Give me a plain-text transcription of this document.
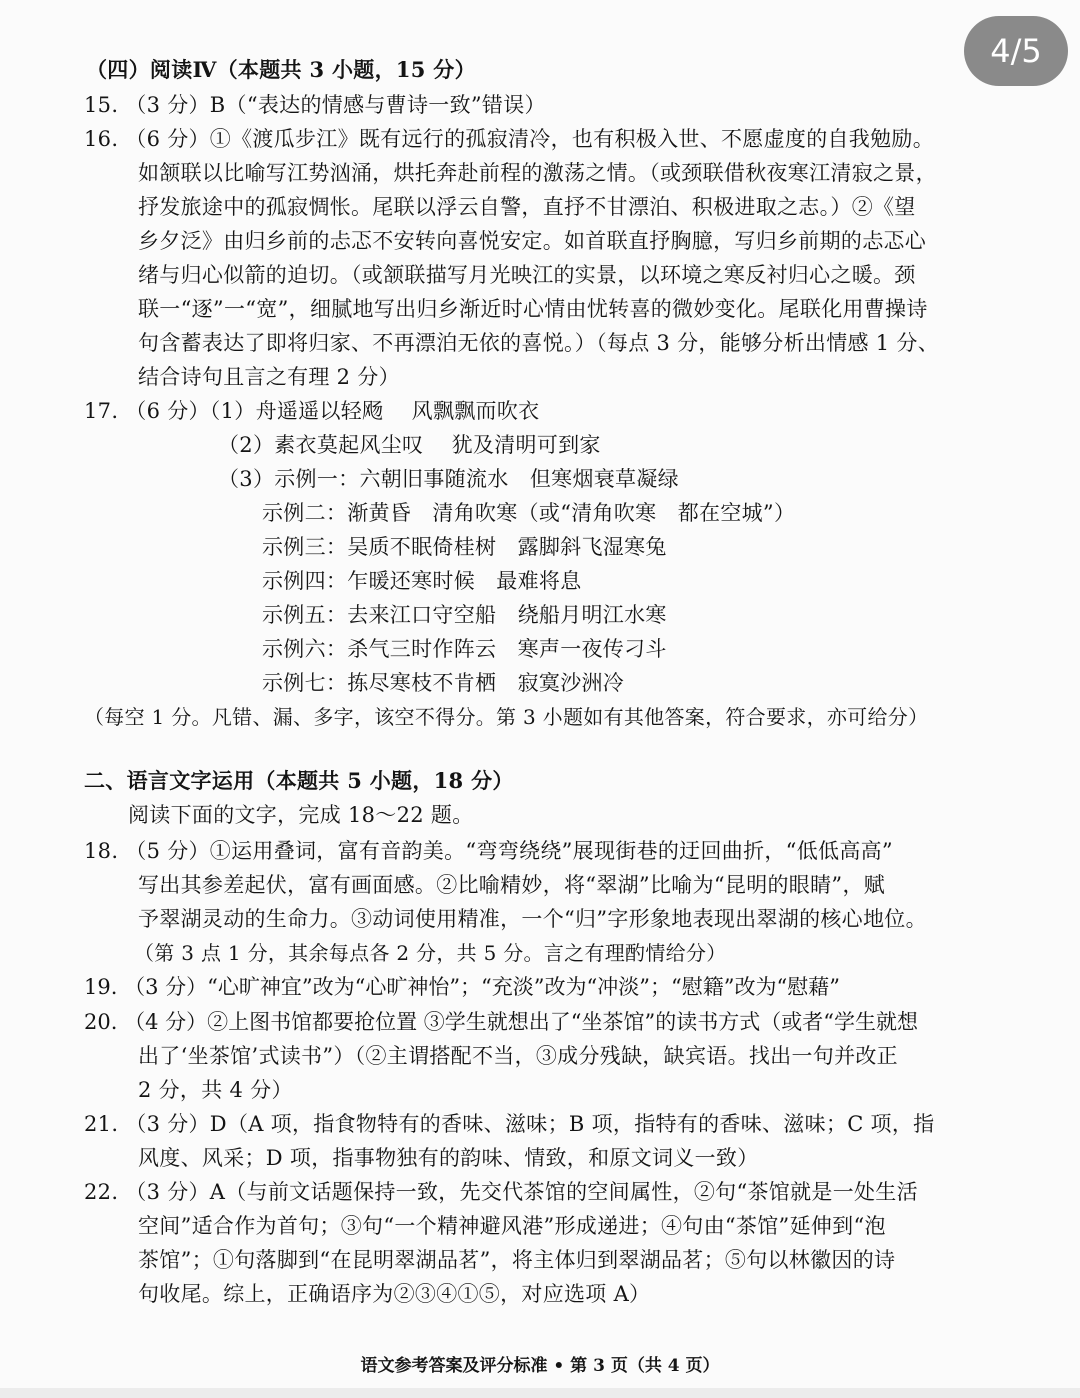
4/5
（四）阅读Ⅳ（本题共 3 小题，15 分）
15. （3 分）B（“表达的情感与曹诗一致”错误）
16. （6 分）①《渡瓜步江》既有远行的孤寂清冷，也有积极入世、不愿虚度的自我勉励。
如颔联以比喻写江势汹涌，烘托奔赴前程的激荡之情。（或颈联借秋夜寒江清寂之景，
抒发旅途中的孤寂惆怅。尾联以浮云自警，直抒不甘漂泊、积极进取之志。）②《望
乡夕泛》由归乡前的忐忑不安转向喜悦安定。如首联直抒胸臆，写归乡前期的忐忑心
绪与归心似箭的迫切。（或颔联描写月光映江的实景，以环境之寒反衬归心之暖。颈
联一“逐”一“宽”，细腻地写出归乡渐近时心情由忧转喜的微妙变化。尾联化用曹操诗
句含蓄表达了即将归家、不再漂泊无依的喜悦。）（每点 3 分，能够分析出情感 1 分、
结合诗句且言之有理 2 分）
17. （6 分）（1）舟遥遥以轻飏　 风飘飘而吹衣
（2）素衣莫起风尘叹　 犹及清明可到家
（3）示例一：六朝旧事随流水　但寒烟衰草凝绿
示例二：渐黄昏　清角吹寒（或“清角吹寒　都在空城”）
示例三：吴质不眠倚桂树　露脚斜飞湿寒兔
示例四：乍暖还寒时候　最难将息
示例五：去来江口守空船　绕船月明江水寒
示例六：杀气三时作阵云　寒声一夜传刁斗
示例七：拣尽寒枝不肯栖　寂寞沙洲冷
（每空 1 分。凡错、漏、多字，该空不得分。第 3 小题如有其他答案，符合要求，亦可给分）
二、语言文字运用（本题共 5 小题，18 分）
阅读下面的文字，完成 18～22 题。
18. （5 分）①运用叠词，富有音韵美。“弯弯绕绕”展现街巷的迂回曲折，“低低高高”
写出其参差起伏，富有画面感。②比喻精妙，将“翠湖”比喻为“昆明的眼睛”，赋
予翠湖灵动的生命力。③动词使用精准，一个“归”字形象地表现出翠湖的核心地位。
（第 3 点 1 分，其余每点各 2 分，共 5 分。言之有理酌情给分）
19. （3 分）“心旷神宜”改为“心旷神怡”；“充淡”改为“冲淡”；“慰籍”改为“慰藉”
20. （4 分）②上图书馆都要抢位置 ③学生就想出了“坐茶馆”的读书方式（或者“学生就想
出了‘坐茶馆’式读书”）（②主谓搭配不当，③成分残缺，缺宾语。找出一句并改正
2 分，共 4 分）
21. （3 分）D（A 项，指食物特有的香味、滋味；B 项，指特有的香味、滋味；C 项，指
风度、风采；D 项，指事物独有的韵味、情致，和原文词义一致）
22. （3 分）A（与前文话题保持一致，先交代茶馆的空间属性，②句“茶馆就是一处生活
空间”适合作为首句；③句“一个精神避风港”形成递进；④句由“茶馆”延伸到“泡
茶馆”；①句落脚到“在昆明翠湖品茗”，将主体归到翠湖品茗；⑤句以林徽因的诗
句收尾。综上，正确语序为②③④①⑤，对应选项 A）
语文参考答案及评分标准 • 第 3 页（共 4 页）
